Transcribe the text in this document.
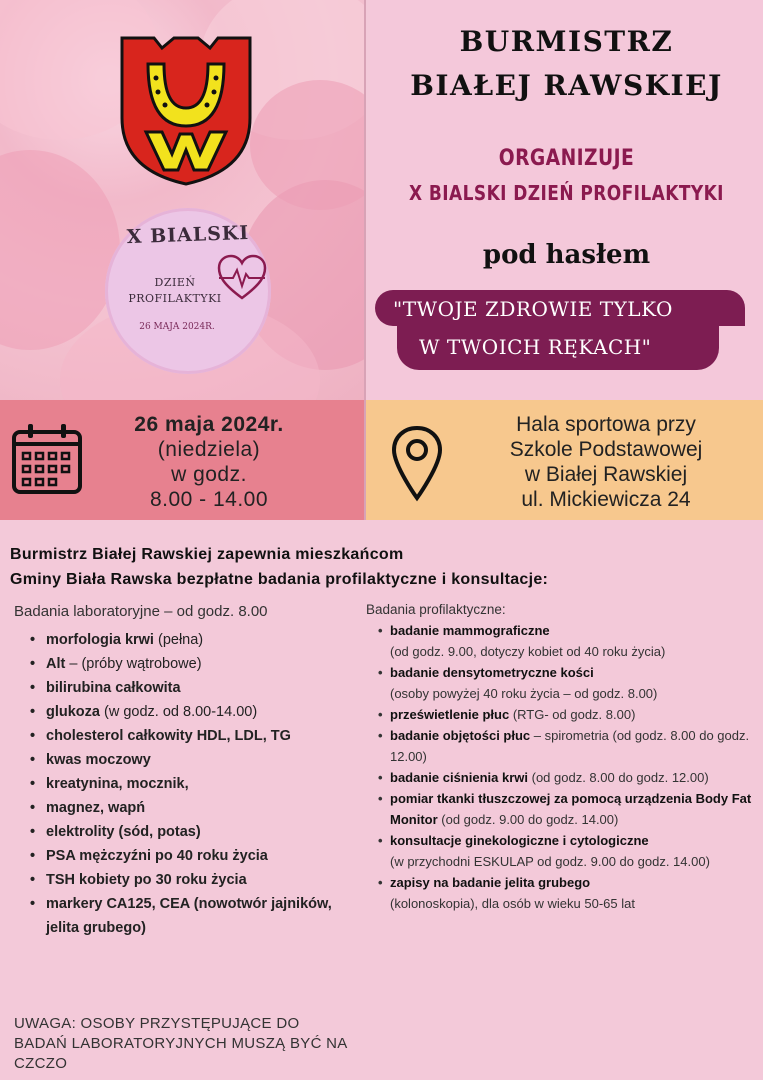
X BIALSKI
DZIEŃ
PROFILAKTYKI
26 MAJA 2024R.
BURMISTRZ
BIAŁEJ RAWSKIEJ
ORGANIZUJE
X BIALSKI DZIEŃ PROFILAKTYKI
pod hasłem
"TWOJE ZDROWIE TYLKO
W TWOICH RĘKACH"
26 maja 2024r.
(niedziela)
w godz.
8.00 - 14.00
Hala sportowa przy
Szkole Podstawowej
w Białej Rawskiej
ul. Mickiewicza 24
Burmistrz Białej Rawskiej zapewnia mieszkańcom
Gminy Biała Rawska bezpłatne badania profilaktyczne i konsultacje:
Badania laboratoryjne – od godz. 8.00
• morfologia krwi (pełna)
• Alt – (próby wątrobowe)
• bilirubina całkowita
• glukoza (w godz. od 8.00-14.00)
• cholesterol całkowity HDL, LDL, TG
• kwas moczowy
• kreatynina, mocznik,
• magnez, wapń
• elektrolity (sód, potas)
• PSA mężczyźni po 40 roku życia
• TSH kobiety po 30 roku życia
• markery CA125, CEA (nowotwór jajników, jelita grubego)
Badania profilaktyczne:
• badanie mammograficzne
(od godz. 9.00, dotyczy kobiet od 40 roku życia)
• badanie densytometryczne kości
(osoby powyżej 40 roku życia – od godz. 8.00)
• prześwietlenie płuc (RTG- od godz. 8.00)
• badanie objętości płuc – spirometria (od godz. 8.00 do godz. 12.00)
• badanie ciśnienia krwi (od godz. 8.00 do godz. 12.00)
• pomiar tkanki tłuszczowej za pomocą urządzenia Body Fat Monitor (od godz. 9.00 do godz. 14.00)
• konsultacje ginekologiczne i cytologiczne
(w przychodni ESKULAP od godz. 9.00 do godz. 14.00)
• zapisy na badanie jelita grubego
(kolonoskopia), dla osób w wieku 50-65 lat
UWAGA: OSOBY PRZYSTĘPUJĄCE DO BADAŃ LABORATORYJNYCH MUSZĄ BYĆ NA CZCZO
